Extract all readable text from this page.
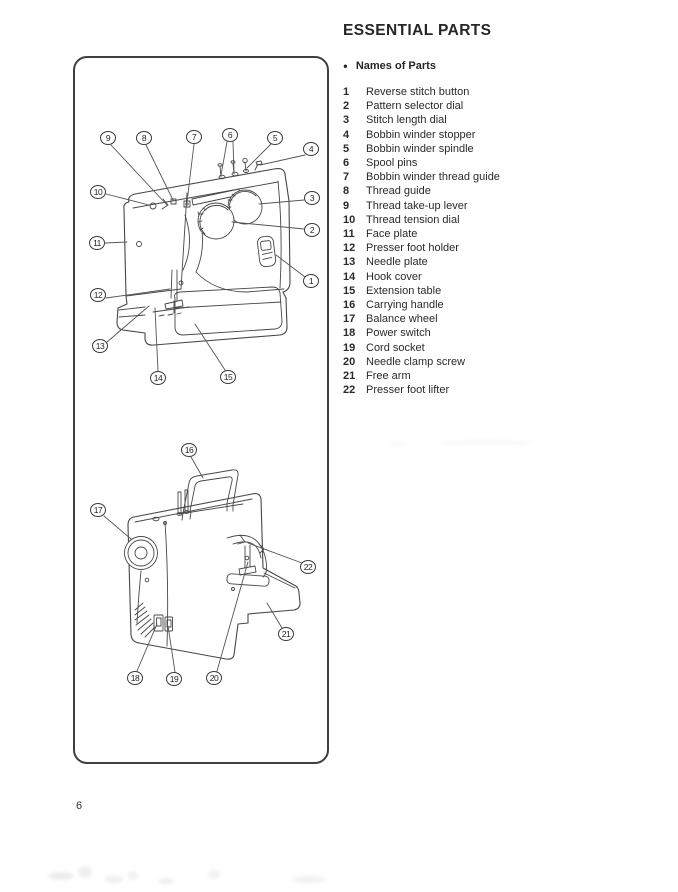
9	8	7	6	5
4
10
3
2
11
1
12
13
14	15
16
17
22
21
18	19	20
ESSENTIAL PARTS
● Names of Parts
1	Reverse stitch button
2	Pattern selector dial
3	Stitch length dial
4	Bobbin winder stopper
5	Bobbin winder spindle
6	Spool pins
7	Bobbin winder thread guide
8	Thread guide
9	Thread take-up lever
10 Thread tension dial
11	Face plate
12 Presser foot holder
13 Needle plate
14 Hook cover
15 Extension table
16 Carrying handle
17 Balance wheel
18 Power switch
19 Cord socket
20 Needle clamp screw
21 Free arm
22 Presser foot lifter
6
